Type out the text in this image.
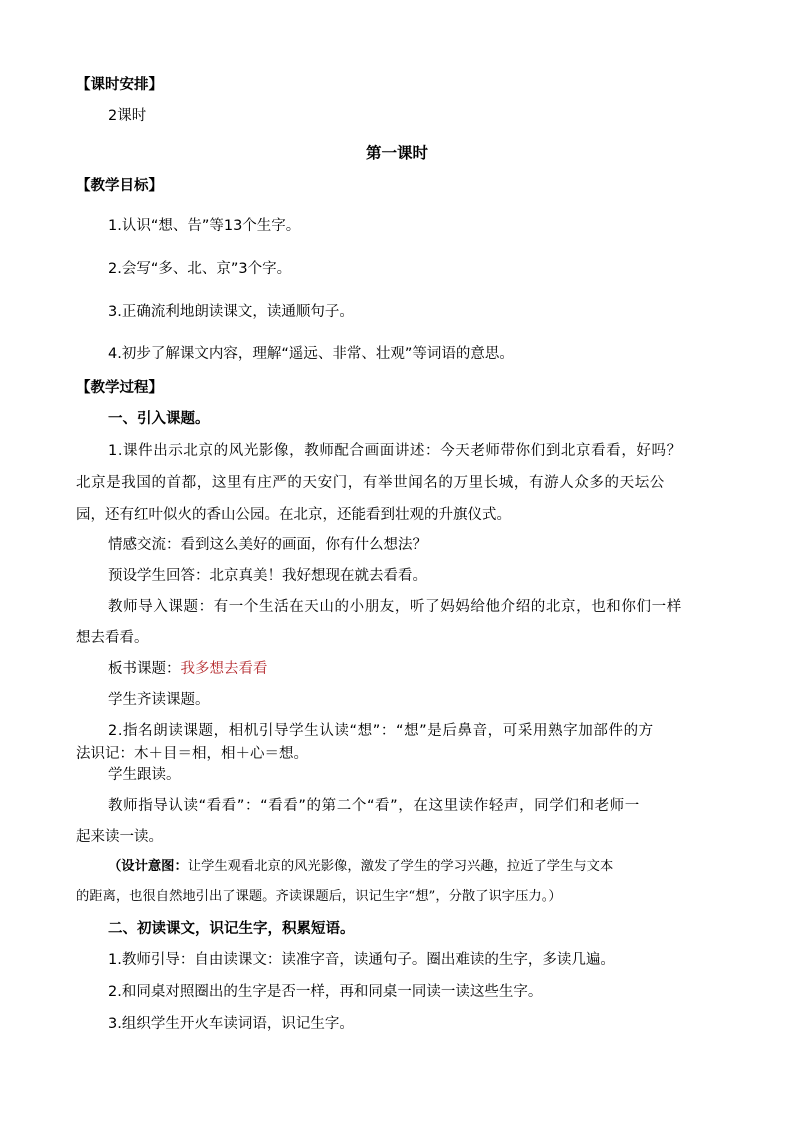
【课时安排】
2课时
第一课时
【教学目标】
1.认识“想、告”等13个生字。
2.会写“多、北、京”3个字。
3.正确流利地朗读课文，读通顺句子。
4.初步了解课文内容，理解“遥远、非常、壮观”等词语的意思。
【教学过程】
一、引入课题。
1.课件出示北京的风光影像，教师配合画面讲述：今天老师带你们到北京看看，好吗？
北京是我国的首都，这里有庄严的天安门，有举世闻名的万里长城，有游人众多的天坛公
园，还有红叶似火的香山公园。在北京，还能看到壮观的升旗仪式。
情感交流：看到这么美好的画面，你有什么想法？
预设学生回答：北京真美！我好想现在就去看看。
教师导入课题：有一个生活在天山的小朋友，听了妈妈给他介绍的北京，也和你们一样
想去看看。
板书课题：我多想去看看
学生齐读课题。
2.指名朗读课题，相机引导学生认读“想”：“想”是后鼻音，可采用熟字加部件的方
法识记：木＋目＝相，相＋心＝想。
学生跟读。
教师指导认读“看看”：“看看”的第二个“看”，在这里读作轻声，同学们和老师一
起来读一读。
（设计意图：让学生观看北京的风光影像，激发了学生的学习兴趣，拉近了学生与文本
的距离，也很自然地引出了课题。齐读课题后，识记生字“想”，分散了识字压力。）
二、初读课文，识记生字，积累短语。
1.教师引导：自由读课文：读准字音，读通句子。圈出难读的生字，多读几遍。
2.和同桌对照圈出的生字是否一样，再和同桌一同读一读这些生字。
3.组织学生开火车读词语，识记生字。
